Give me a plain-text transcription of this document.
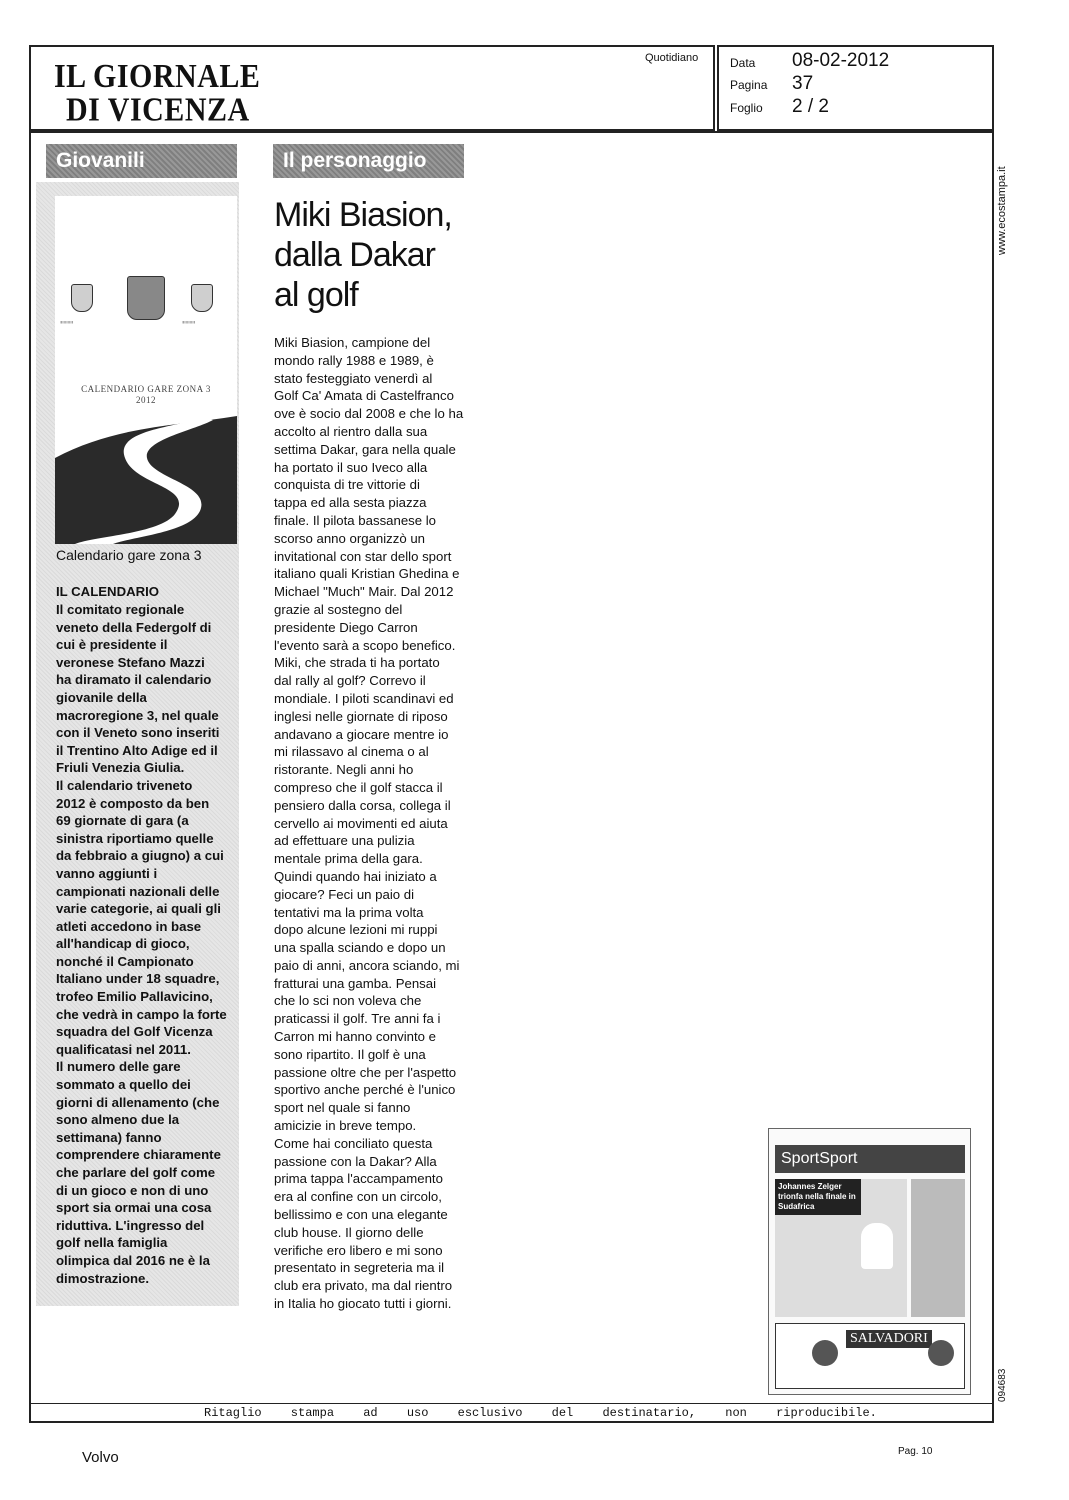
IL GIORNALE
DI VICENZA
Quotidiano	Data 08-02-2012
Pagina 37
Foglio 2 / 2
www.ecostampa.it
094683
Giovanili
|||||||||||||||||	|||||||||||||||||
CALENDARIO GARE ZONA 3
2012
Calendario gare zona 3
IL CALENDARIO
Il comitato regionale
veneto della Federgolf di
cui è presidente il
veronese Stefano Mazzi
ha diramato il calendario
giovanile della
macroregione 3, nel quale
con il Veneto sono inseriti
il Trentino Alto Adige ed il
Friuli Venezia Giulia.
Il calendario triveneto
2012 è composto da ben
69 giornate di gara (a
sinistra riportiamo quelle
da febbraio a giugno) a cui
vanno aggiunti i
campionati nazionali delle
varie categorie, ai quali gli
atleti accedono in base
all'handicap di gioco,
nonché il Campionato
Italiano under 18 squadre,
trofeo Emilio Pallavicino,
che vedrà in campo la forte
squadra del Golf Vicenza
qualificatasi nel 2011.
Il numero delle gare
sommato a quello dei
giorni di allenamento (che
sono almeno due la
settimana) fanno
comprendere chiaramente
che parlare del golf come
di un gioco e non di uno
sport sia ormai una cosa
riduttiva. L'ingresso del
golf nella famiglia
olimpica dal 2016 ne è la
dimostrazione.
Il personaggio
Miki Biasion,
dalla Dakar
al golf
Miki Biasion, campione del
mondo rally 1988 e 1989, è
stato festeggiato venerdì al
Golf Ca' Amata di Castelfranco
ove è socio dal 2008 e che lo ha
accolto al rientro dalla sua
settima Dakar, gara nella quale
ha portato il suo Iveco alla
conquista di tre vittorie di
tappa ed alla sesta piazza
finale. Il pilota bassanese lo
scorso anno organizzò un
invitational con star dello sport
italiano quali Kristian Ghedina e
Michael "Much" Mair. Dal 2012
grazie al sostegno del
presidente Diego Carron
l'evento sarà a scopo benefico.
Miki, che strada ti ha portato
dal rally al golf? Correvo il
mondiale. I piloti scandinavi ed
inglesi nelle giornate di riposo
andavano a giocare mentre io
mi rilassavo al cinema o al
ristorante. Negli anni ho
compreso che il golf stacca il
pensiero dalla corsa, collega il
cervello ai movimenti ed aiuta
ad effettuare una pulizia
mentale prima della gara.
Quindi quando hai iniziato a
giocare? Feci un paio di
tentativi ma la prima volta
dopo alcune lezioni mi ruppi
una spalla sciando e dopo un
paio di anni, ancora sciando, mi
fratturai una gamba. Pensai
che lo sci non voleva che
praticassi il golf. Tre anni fa i
Carron mi hanno convinto e
sono ripartito. Il golf è una
passione oltre che per l'aspetto
sportivo anche perché è l'unico
sport nel quale si fanno
amicizie in breve tempo.
Come hai conciliato questa
passione con la Dakar? Alla
prima tappa l'accampamento
era al confine con un circolo,
bellissimo e con una elegante
club house. Il giorno delle
verifiche ero libero e mi sono
presentato in segreteria ma il
club era privato, ma dal rientro
in Italia ho giocato tutti i giorni.
SportSport
Johannes Zelger trionfa nella finale in Sudafrica
SALVADORI
Ritaglio stampa ad uso esclusivo del destinatario, non riproducibile.
Volvo	Pag. 10
